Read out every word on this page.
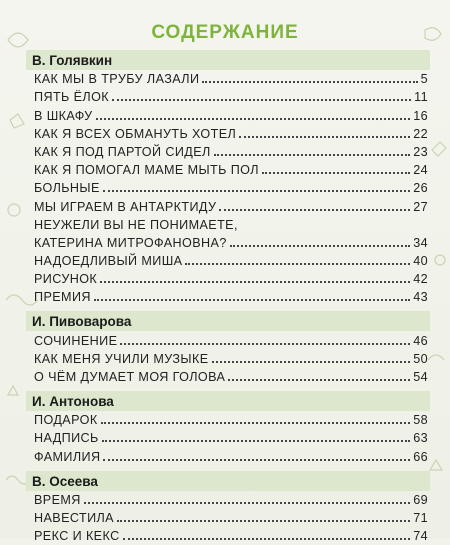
СОДЕРЖАНИЕ
В. Голявкин
КАК МЫ В ТРУБУ ЛАЗАЛИ	5
ПЯТЬ ЁЛОК	11
В ШКАФУ	16
КАК Я ВСЕХ ОБМАНУТЬ ХОТЕЛ	22
КАК Я ПОД ПАРТОЙ СИДЕЛ	23
КАК Я ПОМОГАЛ МАМЕ МЫТЬ ПОЛ	24
БОЛЬНЫЕ	26
МЫ ИГРАЕМ В АНТАРКТИДУ	27
НЕУЖЕЛИ ВЫ НЕ ПОНИМАЕТЕ,
КАТЕРИНА МИТРОФАНОВНА?	34
НАДОЕДЛИВЫЙ МИША	40
РИСУНОК	42
ПРЕМИЯ	43
И. Пивоварова
СОЧИНЕНИЕ	46
КАК МЕНЯ УЧИЛИ МУЗЫКЕ	50
О ЧЁМ ДУМАЕТ МОЯ ГОЛОВА	54
И. Антонова
ПОДАРОК	58
НАДПИСЬ	63
ФАМИЛИЯ	66
В. Осеева
ВРЕМЯ	69
НАВЕСТИЛА	71
РЕКС И КЕКС	74
